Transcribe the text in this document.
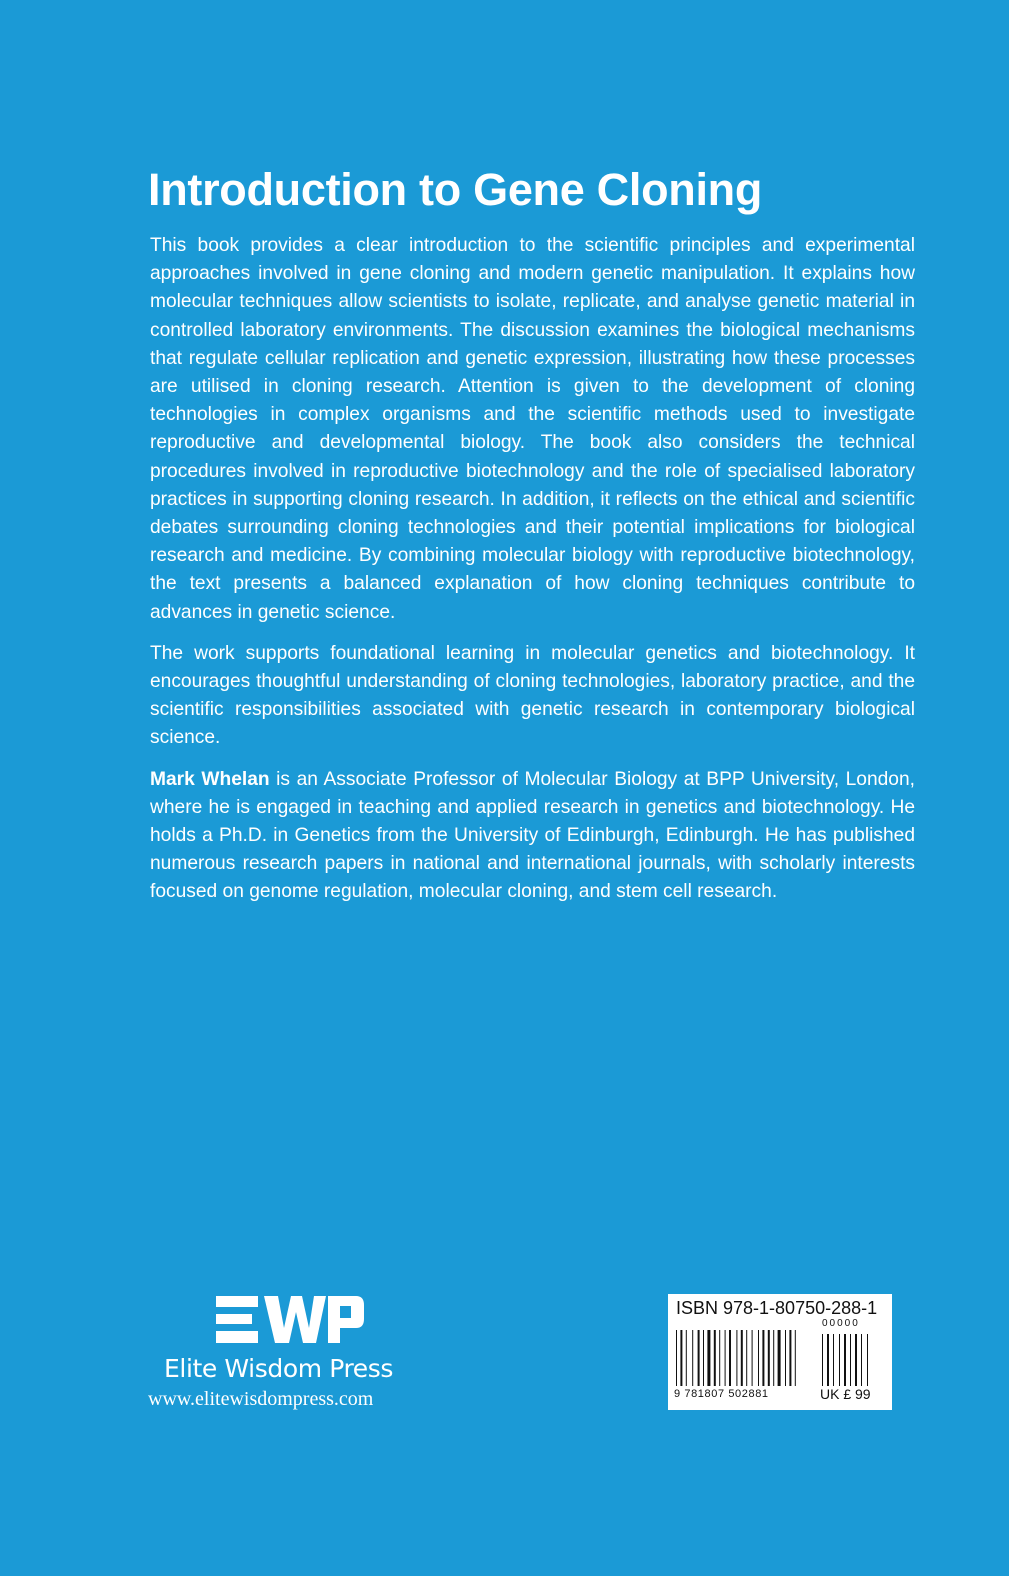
Introduction to Gene Cloning

This book provides a clear introduction to the scientific principles and experimental approaches involved in gene cloning and modern genetic manipulation. It explains how molecular techniques allow scientists to isolate, replicate, and analyse genetic material in controlled laboratory environments. The discussion examines the biological mechanisms that regulate cellular replication and genetic expression, illustrating how these processes are utilised in cloning research. Attention is given to the development of cloning technologies in complex organisms and the scientific methods used to investigate reproductive and developmental biology. The book also considers the technical procedures involved in reproductive biotechnology and the role of specialised laboratory practices in supporting cloning research. In addition, it reflects on the ethical and scientific debates surrounding cloning technologies and their potential implications for biological research and medicine. By combining molecular biology with reproductive biotechnology, the text presents a balanced explanation of how cloning techniques contribute to advances in genetic science.

The work supports foundational learning in molecular genetics and biotechnology. It encourages thoughtful understanding of cloning technologies, laboratory practice, and the scientific responsibilities associated with genetic research in contemporary biological science.

Mark Whelan is an Associate Professor of Molecular Biology at BPP University, London, where he is engaged in teaching and applied research in genetics and biotechnology. He holds a Ph.D. in Genetics from the University of Edinburgh, Edinburgh. He has published numerous research papers in national and international journals, with scholarly interests focused on genome regulation, molecular cloning, and stem cell research.

Elite Wisdom Press
www.elitewisdompress.com
ISBN 978-1-80750-288-1
00000
9 781807 502881	UK £ 99
